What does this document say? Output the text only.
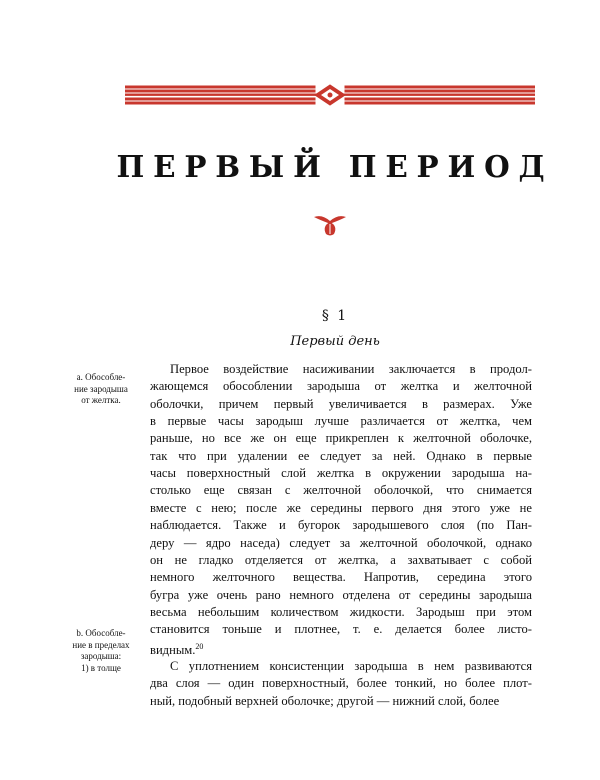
ПЕРВЫЙ ПЕРИОД
§ 1
Первый день
а. Обособле-
ние зародыша
от желтка.
b. Обособле-
ние в пределах
зародыша:
1) в толще
Первое воздействие насиживании заключается в продол-
жающемся обособлении зародыша от желтка и желточной
оболочки, причем первый увеличивается в размерах. Уже
в первые часы зародыш лучше различается от желтка, чем
раньше, но все же он еще прикреплен к желточной оболочке,
так что при удалении ее следует за ней. Однако в первые
часы поверхностный слой желтка в окружении зародыша на-
столько еще связан с желточной оболочкой, что снимается
вместе с нею; после же середины первого дня этого уже не
наблюдается. Также и бугорок зародышевого слоя (по Пан-
деру — ядро наседа) следует за желточной оболочкой, однако
он не гладко отделяется от желтка, а захватывает с собой
немного желточного вещества. Напротив, середина этого
бугра уже очень рано немного отделена от середины зародыша
весьма небольшим количеством жидкости. Зародыш при этом
становится тоньше и плотнее, т. е. делается более листо-
видным.$^{20}$
С уплотнением консистенции зародыша в нем развиваются
два слоя — один поверхностный, более тонкий, но более плот-
ный, подобный верхней оболочке; другой — нижний слой, более
